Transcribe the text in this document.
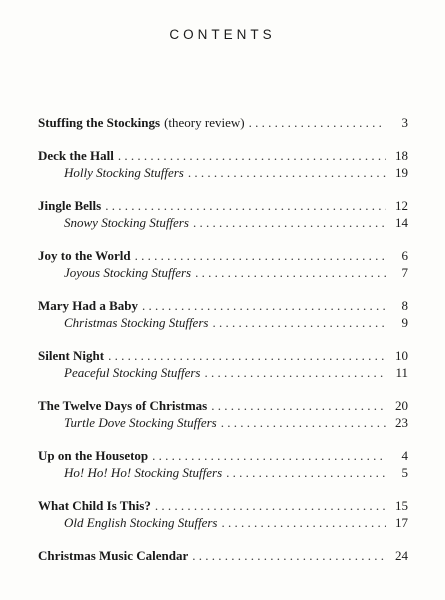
CONTENTS
Stuffing the Stockings (theory review) . . .	3
Deck the Hall . . .	18
Holly Stocking Stuffers . . .	19
Jingle Bells . . .	12
Snowy Stocking Stuffers . . .	14
Joy to the World . . .	6
Joyous Stocking Stuffers . . .	7
Mary Had a Baby . . .	8
Christmas Stocking Stuffers . . .	9
Silent Night . . .	10
Peaceful Stocking Stuffers . . .	11
The Twelve Days of Christmas . . .	20
Turtle Dove Stocking Stuffers . . .	23
Up on the Housetop . . .	4
Ho! Ho! Ho! Stocking Stuffers . . .	5
What Child Is This? . . .	15
Old English Stocking Stuffers . . .	17
Christmas Music Calendar . . .	24
